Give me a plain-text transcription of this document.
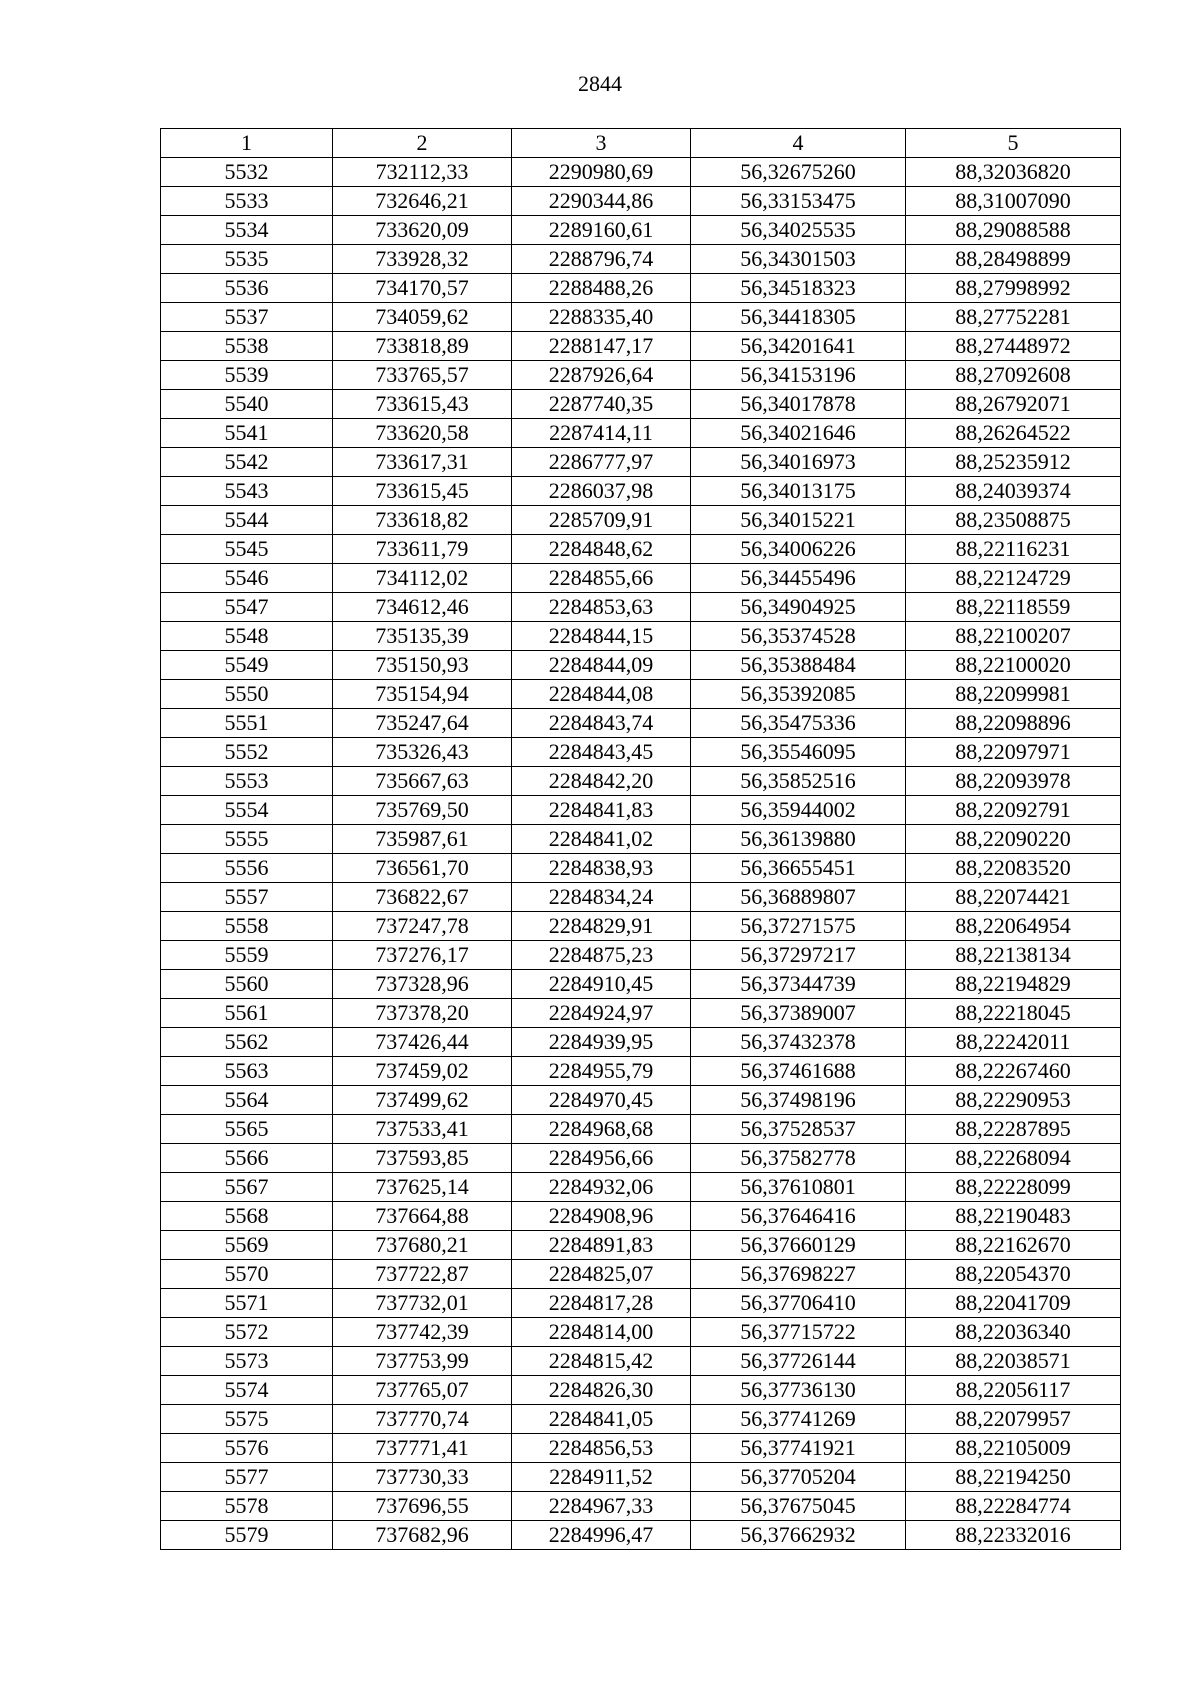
2844
1	2	3	4	5
5532	732112,33	2290980,69	56,32675260	88,32036820
5533	732646,21	2290344,86	56,33153475	88,31007090
5534	733620,09	2289160,61	56,34025535	88,29088588
5535	733928,32	2288796,74	56,34301503	88,28498899
5536	734170,57	2288488,26	56,34518323	88,27998992
5537	734059,62	2288335,40	56,34418305	88,27752281
5538	733818,89	2288147,17	56,34201641	88,27448972
5539	733765,57	2287926,64	56,34153196	88,27092608
5540	733615,43	2287740,35	56,34017878	88,26792071
5541	733620,58	2287414,11	56,34021646	88,26264522
5542	733617,31	2286777,97	56,34016973	88,25235912
5543	733615,45	2286037,98	56,34013175	88,24039374
5544	733618,82	2285709,91	56,34015221	88,23508875
5545	733611,79	2284848,62	56,34006226	88,22116231
5546	734112,02	2284855,66	56,34455496	88,22124729
5547	734612,46	2284853,63	56,34904925	88,22118559
5548	735135,39	2284844,15	56,35374528	88,22100207
5549	735150,93	2284844,09	56,35388484	88,22100020
5550	735154,94	2284844,08	56,35392085	88,22099981
5551	735247,64	2284843,74	56,35475336	88,22098896
5552	735326,43	2284843,45	56,35546095	88,22097971
5553	735667,63	2284842,20	56,35852516	88,22093978
5554	735769,50	2284841,83	56,35944002	88,22092791
5555	735987,61	2284841,02	56,36139880	88,22090220
5556	736561,70	2284838,93	56,36655451	88,22083520
5557	736822,67	2284834,24	56,36889807	88,22074421
5558	737247,78	2284829,91	56,37271575	88,22064954
5559	737276,17	2284875,23	56,37297217	88,22138134
5560	737328,96	2284910,45	56,37344739	88,22194829
5561	737378,20	2284924,97	56,37389007	88,22218045
5562	737426,44	2284939,95	56,37432378	88,22242011
5563	737459,02	2284955,79	56,37461688	88,22267460
5564	737499,62	2284970,45	56,37498196	88,22290953
5565	737533,41	2284968,68	56,37528537	88,22287895
5566	737593,85	2284956,66	56,37582778	88,22268094
5567	737625,14	2284932,06	56,37610801	88,22228099
5568	737664,88	2284908,96	56,37646416	88,22190483
5569	737680,21	2284891,83	56,37660129	88,22162670
5570	737722,87	2284825,07	56,37698227	88,22054370
5571	737732,01	2284817,28	56,37706410	88,22041709
5572	737742,39	2284814,00	56,37715722	88,22036340
5573	737753,99	2284815,42	56,37726144	88,22038571
5574	737765,07	2284826,30	56,37736130	88,22056117
5575	737770,74	2284841,05	56,37741269	88,22079957
5576	737771,41	2284856,53	56,37741921	88,22105009
5577	737730,33	2284911,52	56,37705204	88,22194250
5578	737696,55	2284967,33	56,37675045	88,22284774
5579	737682,96	2284996,47	56,37662932	88,22332016
